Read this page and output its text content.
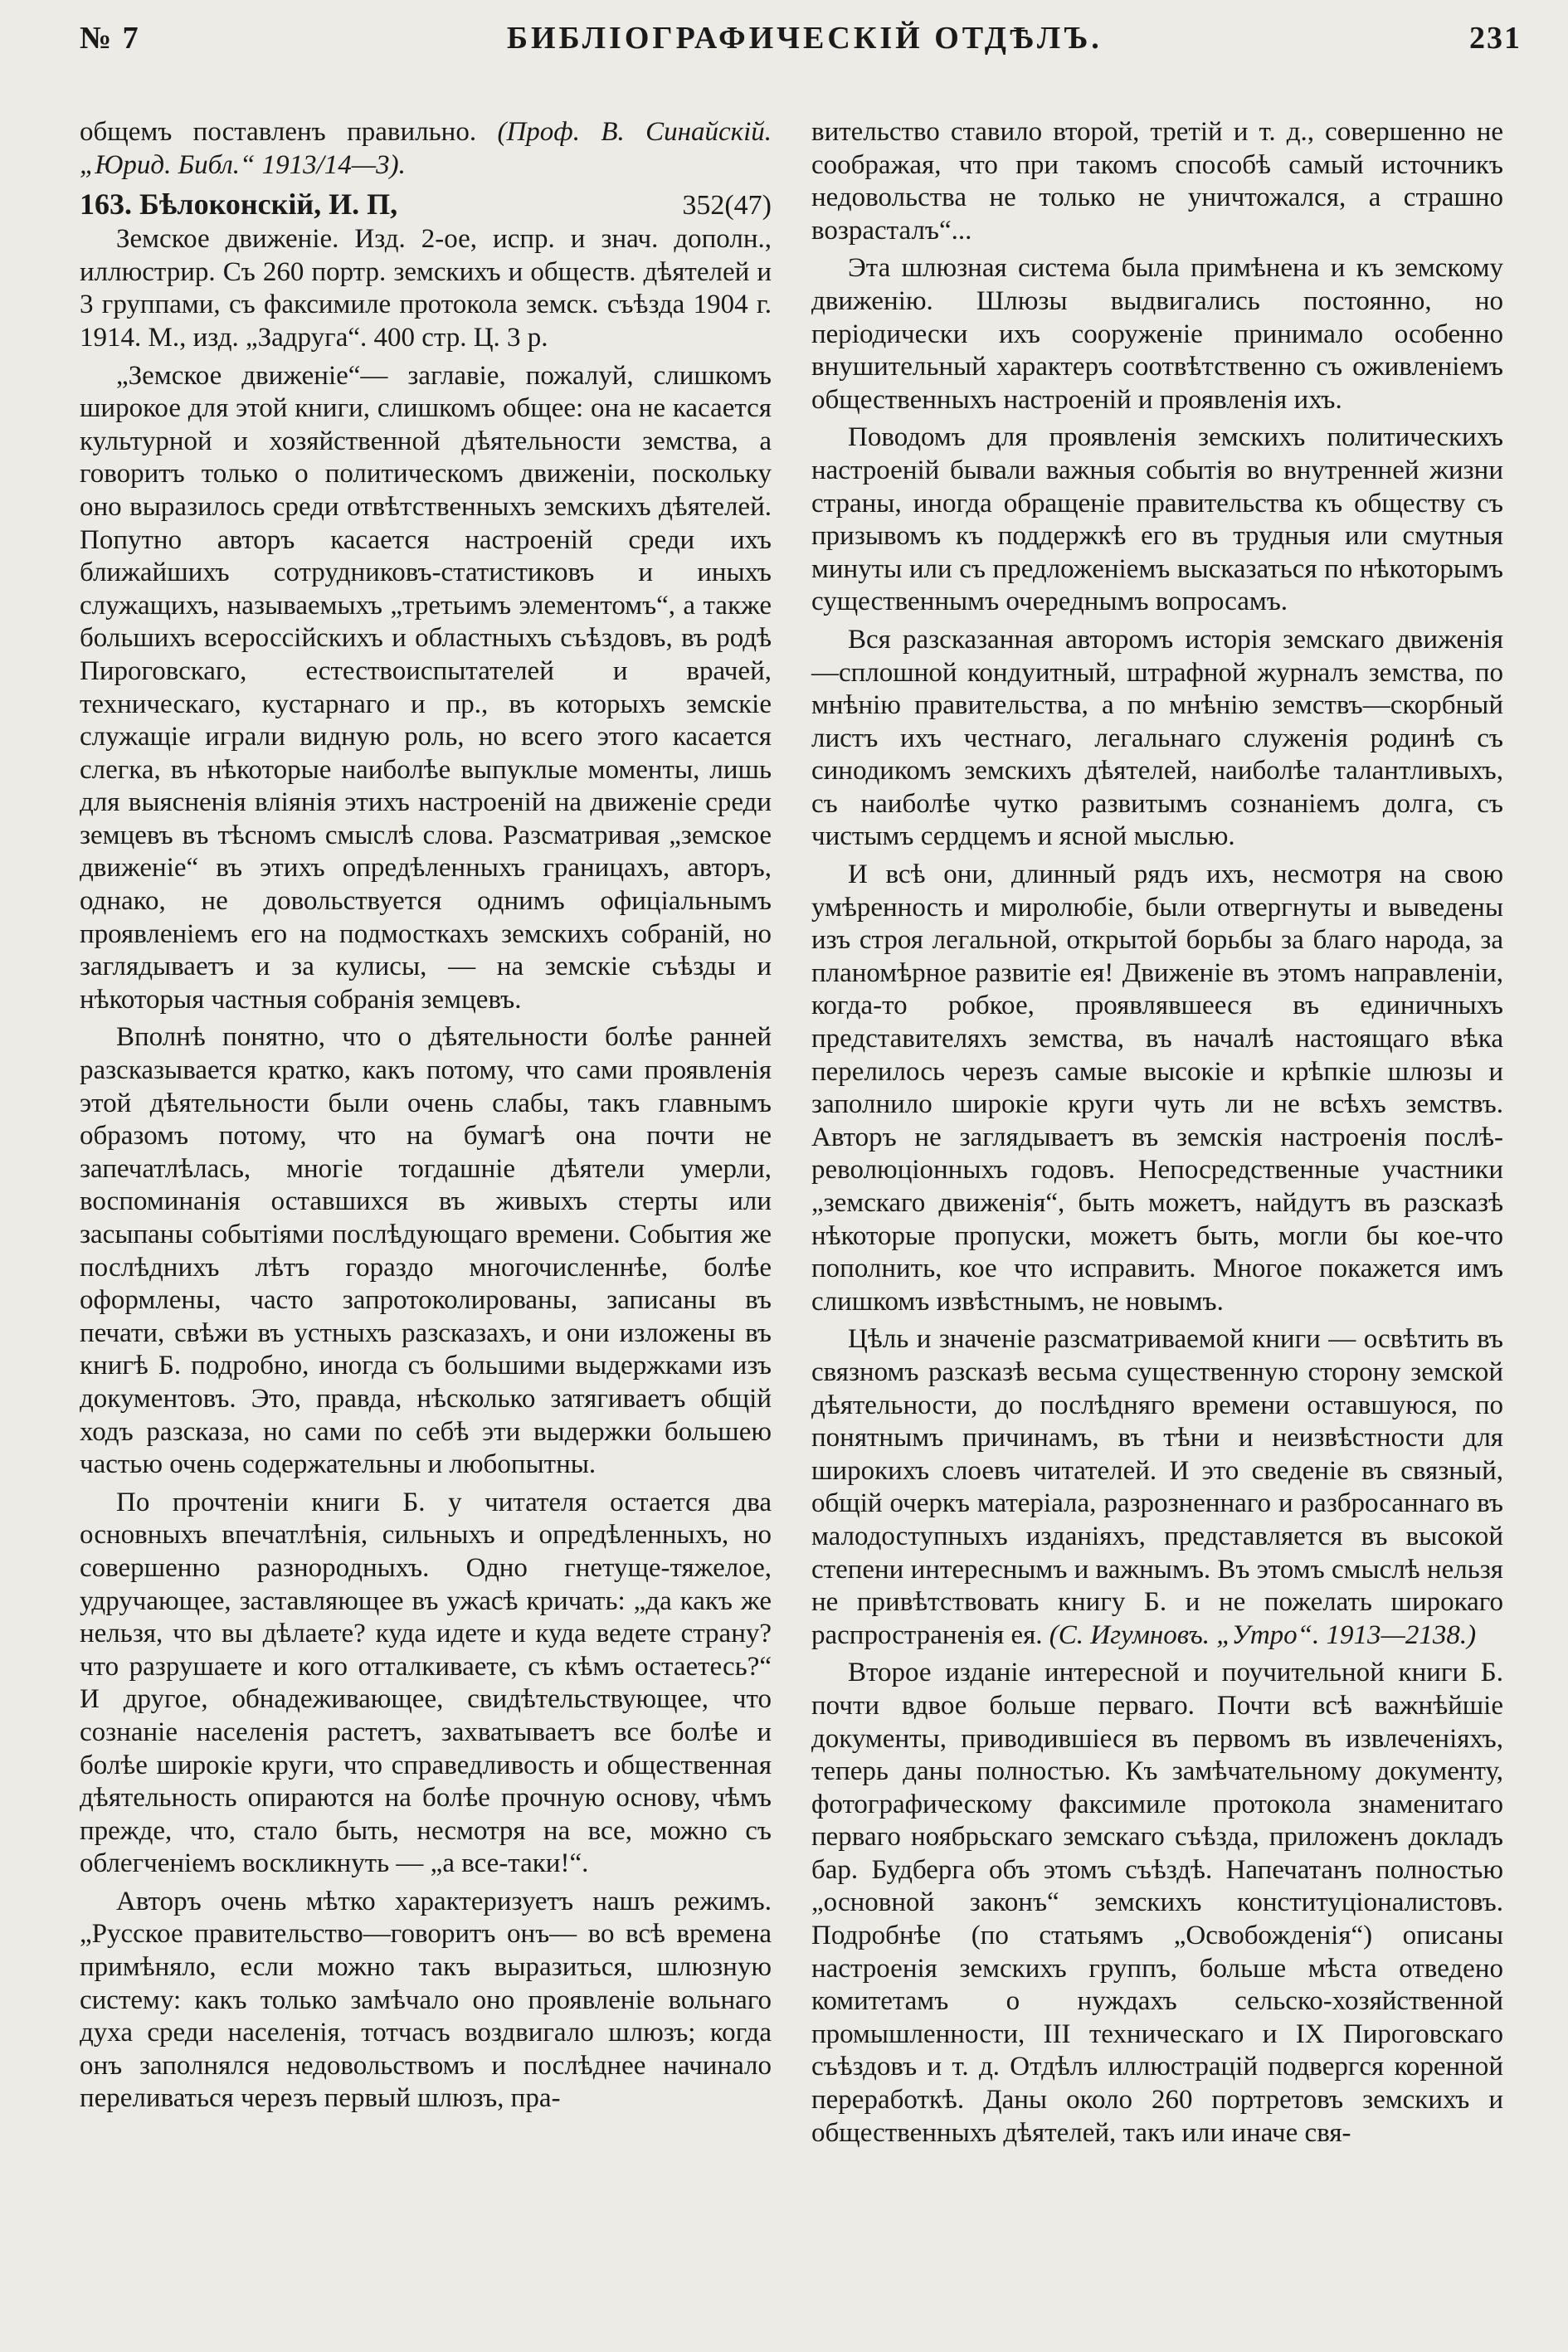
№ 7	БИБЛІОГРАФИЧЕСКІЙ ОТДѢЛЪ.	231

общемъ поставленъ правильно. (Проф. В. Синайскій. „Юрид. Библ.“ 1913/14—3).

163. Бѣлоконскій, И. П,	352(47)

Земское движеніе. Изд. 2-ое, испр. и знач. дополн., иллюстрир. Съ 260 портр. земскихъ и обществ. дѣятелей и 3 группами, съ факсимиле протокола земск. съѣзда 1904 г. 1914. М., изд. „Задруга“. 400 стр. Ц. 3 р.

„Земское движеніе“— заглавіе, пожалуй, слишкомъ широкое для этой книги, слишкомъ общее: она не касается культурной и хозяйственной дѣятельности земства, а говоритъ только о политическомъ движеніи, поскольку оно выразилось среди отвѣтственныхъ земскихъ дѣятелей. Попутно авторъ касается настроеній среди ихъ ближайшихъ сотрудниковъ-статистиковъ и иныхъ служащихъ, называемыхъ „третьимъ элементомъ“, а также большихъ всероссійскихъ и областныхъ съѣздовъ, въ родѣ Пироговскаго, естествоиспытателей и врачей, техническаго, кустарнаго и пр., въ которыхъ земскіе служащіе играли видную роль, но всего этого касается слегка, въ нѣкоторые наиболѣе выпуклые моменты, лишь для выясненія вліянія этихъ настроеній на движеніе среди земцевъ въ тѣсномъ смыслѣ слова. Разсматривая „земское движеніе“ въ этихъ опредѣленныхъ границахъ, авторъ, однако, не довольствуется однимъ офиціальнымъ проявленіемъ его на подмосткахъ земскихъ собраній, но заглядываетъ и за кулисы, — на земскіе съѣзды и нѣкоторыя частныя собранія земцевъ.

Вполнѣ понятно, что о дѣятельности болѣе ранней разсказывается кратко, какъ потому, что сами проявленія этой дѣятельности были очень слабы, такъ главнымъ образомъ потому, что на бумагѣ она почти не запечатлѣлась, многіе тогдашніе дѣятели умерли, воспоминанія оставшихся въ живыхъ стерты или засыпаны событіями послѣдующаго времени. События же послѣднихъ лѣтъ гораздо многочисленнѣе, болѣе оформлены, часто запротоколированы, записаны въ печати, свѣжи въ устныхъ разсказахъ, и они изложены въ книгѣ Б. подробно, иногда съ большими выдержками изъ документовъ. Это, правда, нѣсколько затягиваетъ общій ходъ разсказа, но сами по себѣ эти выдержки большею частью очень содержательны и любопытны.

По прочтеніи книги Б. у читателя остается два основныхъ впечатлѣнія, сильныхъ и опредѣленныхъ, но совершенно разнородныхъ. Одно гнетуще-тяжелое, удручающее, заставляющее въ ужасѣ кричать: „да какъ же нельзя, что вы дѣлаете? куда идете и куда ведете страну? что разрушаете и кого отталкиваете, съ кѣмъ остаетесь?“ И другое, обнадеживающее, свидѣтельствующее, что сознаніе населенія растетъ, захватываетъ все болѣе и болѣе широкіе круги, что справедливость и общественная дѣятельность опираются на болѣе прочную основу, чѣмъ прежде, что, стало быть, несмотря на все, можно съ облегченіемъ воскликнуть — „а все-таки!“.

Авторъ очень мѣтко характеризуетъ нашъ режимъ. „Русское правительство—говоритъ онъ— во всѣ времена примѣняло, если можно такъ выразиться, шлюзную систему: какъ только замѣчало оно проявленіе вольнаго духа среди населенія, тотчасъ воздвигало шлюзъ; когда онъ заполнялся недовольствомъ и послѣднее начинало переливаться черезъ первый шлюзъ, пра-

вительство ставило второй, третій и т. д., совершенно не соображая, что при такомъ способѣ самый источникъ недовольства не только не уничтожался, а страшно возрасталъ“...

Эта шлюзная система была примѣнена и къ земскому движенію. Шлюзы выдвигались постоянно, но періодически ихъ сооруженіе принимало особенно внушительный характеръ соотвѣтственно съ оживленіемъ общественныхъ настроеній и проявленія ихъ.

Поводомъ для проявленія земскихъ политическихъ настроеній бывали важныя событія во внутренней жизни страны, иногда обращеніе правительства къ обществу съ призывомъ къ поддержкѣ его въ трудныя или смутныя минуты или съ предложеніемъ высказаться по нѣкоторымъ существеннымъ очереднымъ вопросамъ.

Вся разсказанная авторомъ исторія земскаго движенія—сплошной кондуитный, штрафной журналъ земства, по мнѣнію правительства, а по мнѣнію земствъ—скорбный листъ ихъ честнаго, легальнаго служенія родинѣ съ синодикомъ земскихъ дѣятелей, наиболѣе талантливыхъ, съ наиболѣе чутко развитымъ сознаніемъ долга, съ чистымъ сердцемъ и ясной мыслью.

И всѣ они, длинный рядъ ихъ, несмотря на свою умѣренность и миролюбіе, были отвергнуты и выведены изъ строя легальной, открытой борьбы за благо народа, за планомѣрное развитіе ея! Движеніе въ этомъ направленіи, когда-то робкое, проявлявшееся въ единичныхъ представителяхъ земства, въ началѣ настоящаго вѣка перелилось черезъ самые высокіе и крѣпкіе шлюзы и заполнило широкіе круги чуть ли не всѣхъ земствъ. Авторъ не заглядываетъ въ земскія настроенія послѣ-революціонныхъ годовъ. Непосредственные участники „земскаго движенія“, быть можетъ, найдутъ въ разсказѣ нѣкоторые пропуски, можетъ быть, могли бы кое-что пополнить, кое что исправить. Многое покажется имъ слишкомъ извѣстнымъ, не новымъ.

Цѣль и значеніе разсматриваемой книги — освѣтить въ связномъ разсказѣ весьма существенную сторону земской дѣятельности, до послѣдняго времени оставшуюся, по понятнымъ причинамъ, въ тѣни и неизвѣстности для широкихъ слоевъ читателей. И это сведеніе въ связный, общій очеркъ матеріала, разрозненнаго и разбросаннаго въ малодоступныхъ изданіяхъ, представляется въ высокой степени интереснымъ и важнымъ. Въ этомъ смыслѣ нельзя не привѣтствовать книгу Б. и не пожелать широкаго распространенія ея. (С. Игумновъ. „Утро“. 1913—2138.)

Второе изданіе интересной и поучительной книги Б. почти вдвое больше перваго. Почти всѣ важнѣйшіе документы, приводившіеся въ первомъ въ извлеченіяхъ, теперь даны полностью. Къ замѣчательному документу, фотографическому факсимиле протокола знаменитаго перваго ноябрьскаго земскаго съѣзда, приложенъ докладъ бар. Будберга объ этомъ съѣздѣ. Напечатанъ полностью „основной законъ“ земскихъ конституціоналистовъ. Подробнѣе (по статьямъ „Освобожденія“) описаны настроенія земскихъ группъ, больше мѣста отведено комитетамъ о нуждахъ сельско-хозяйственной промышленности, III техническаго и IX Пироговскаго съѣздовъ и т. д. Отдѣлъ иллюстрацій подвергся коренной переработкѣ. Даны около 260 портретовъ земскихъ и общественныхъ дѣятелей, такъ или иначе свя-
